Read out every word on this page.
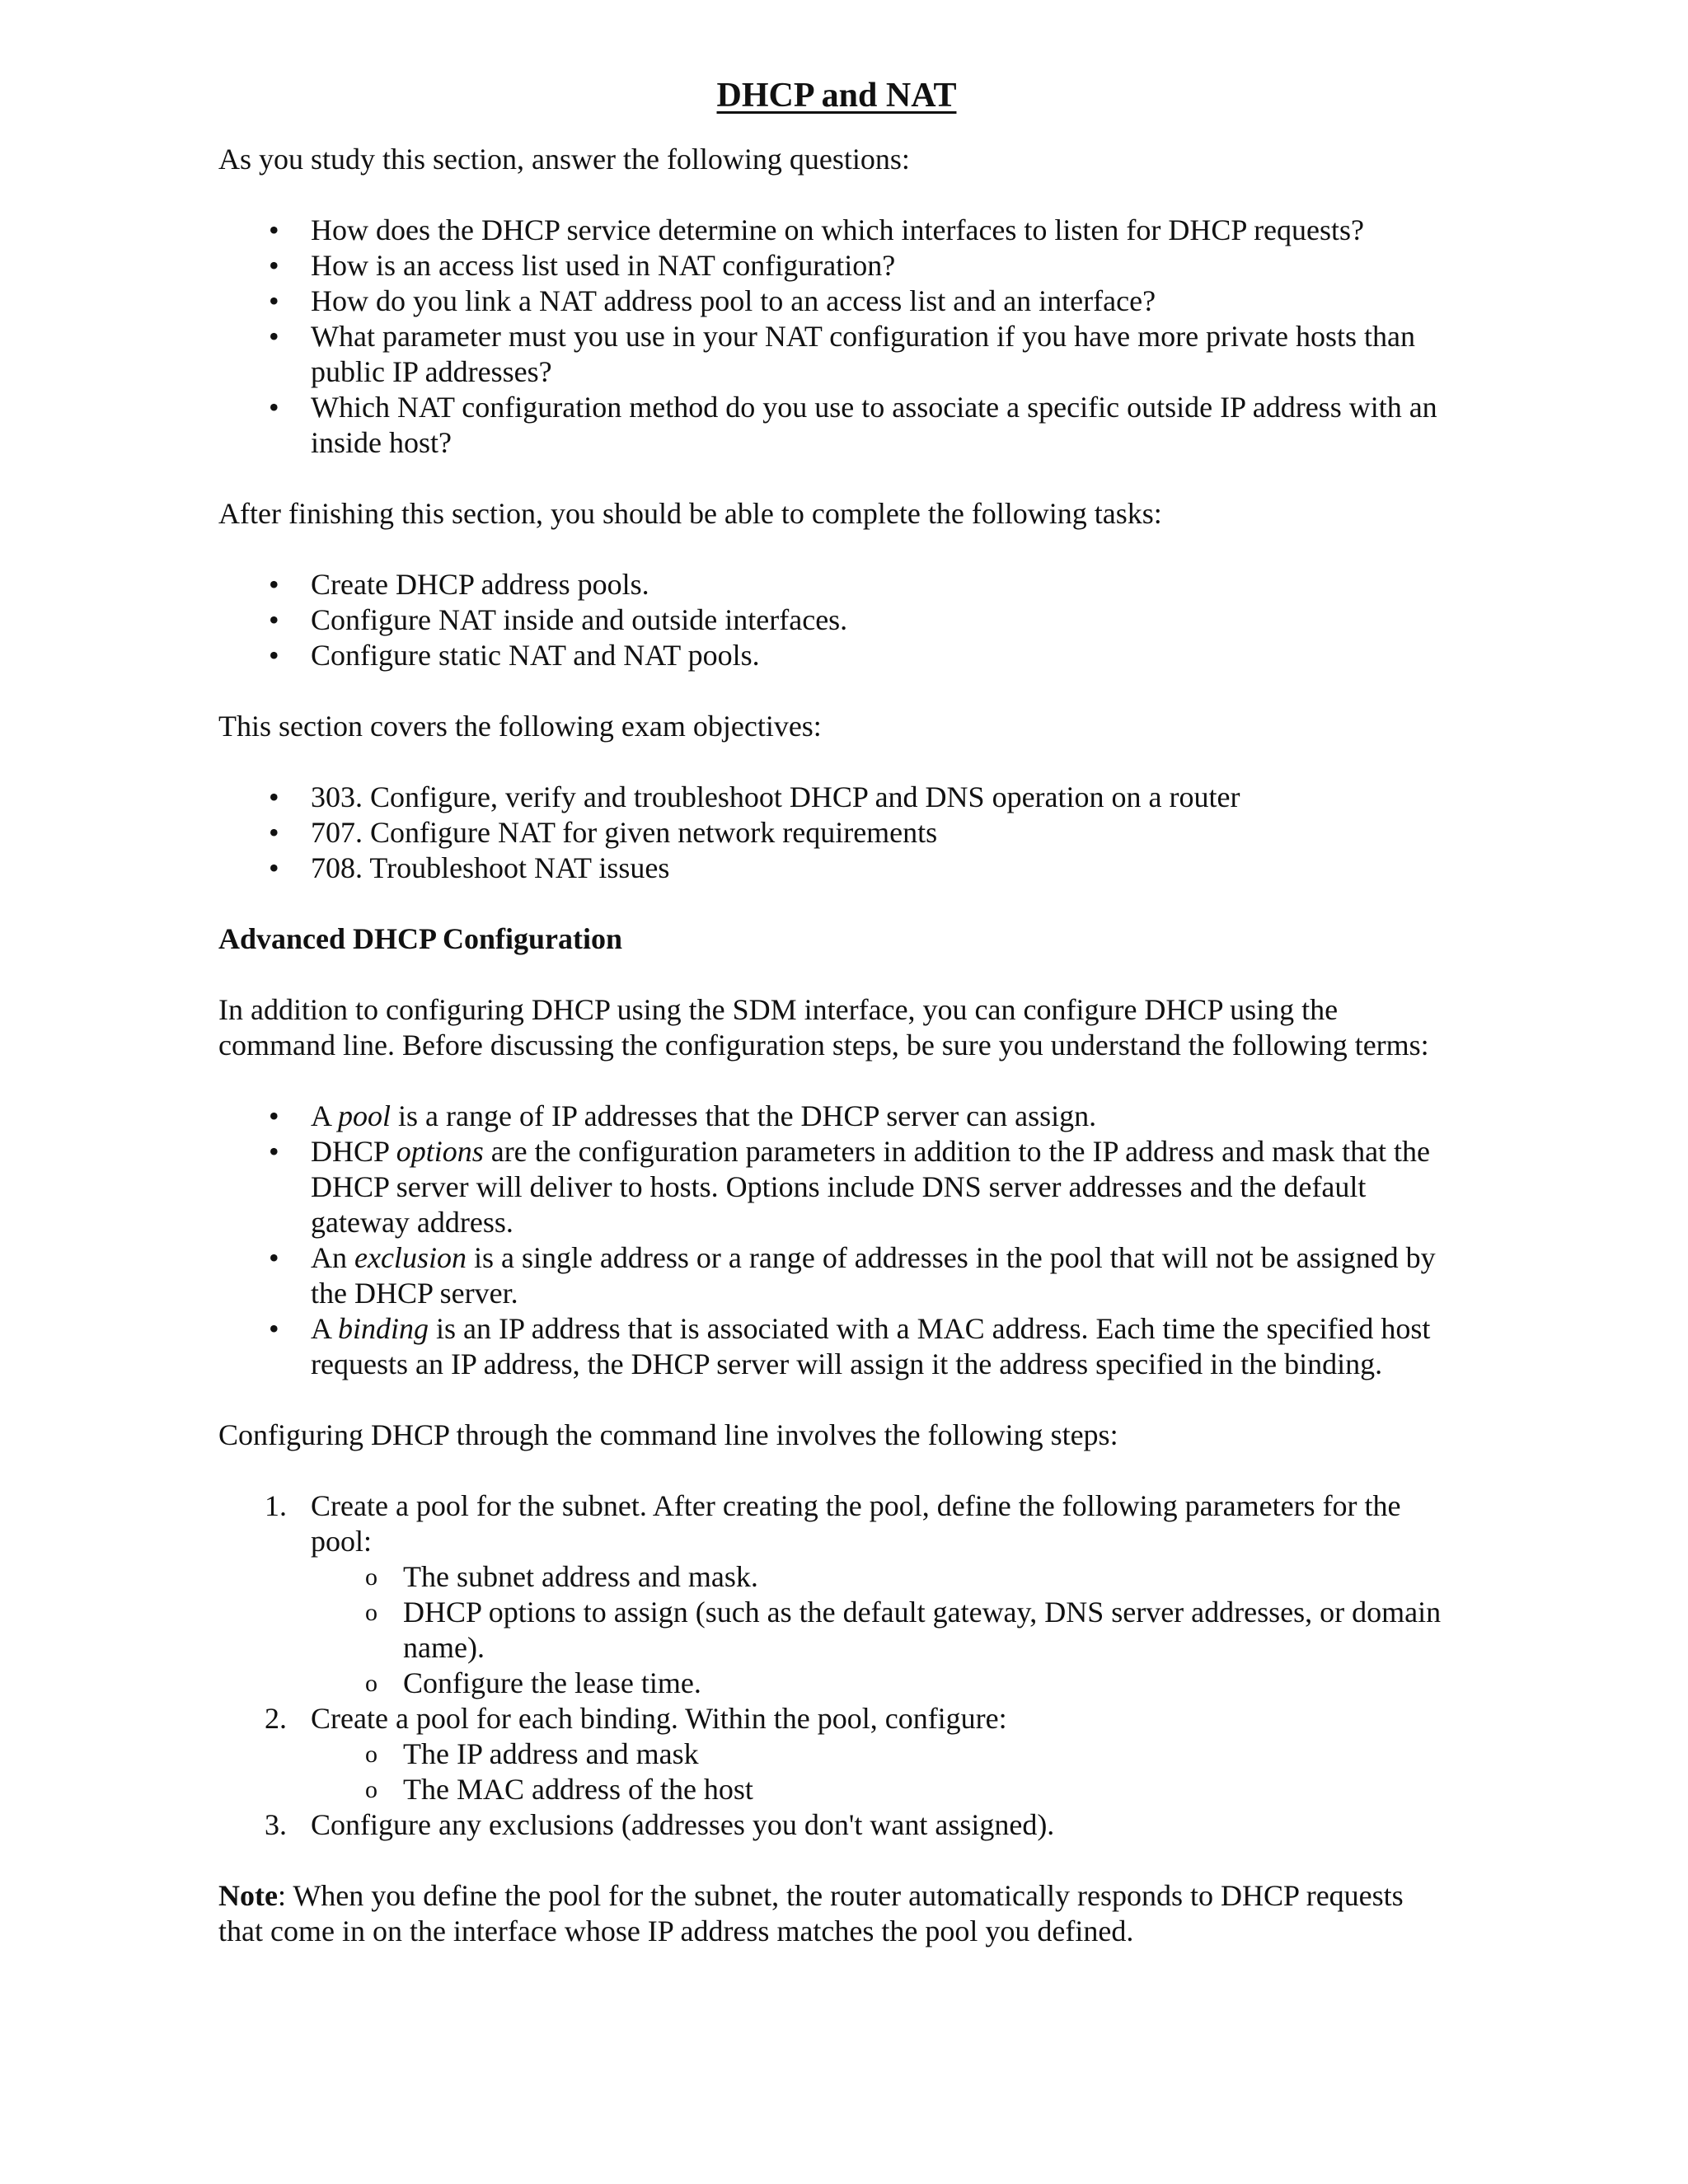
DHCP and NAT

As you study this section, answer the following questions:

• How does the DHCP service determine on which interfaces to listen for DHCP requests?
• How is an access list used in NAT configuration?
• How do you link a NAT address pool to an access list and an interface?
• What parameter must you use in your NAT configuration if you have more private hosts than public IP addresses?
• Which NAT configuration method do you use to associate a specific outside IP address with an inside host?

After finishing this section, you should be able to complete the following tasks:

• Create DHCP address pools.
• Configure NAT inside and outside interfaces.
• Configure static NAT and NAT pools.

This section covers the following exam objectives:

• 303. Configure, verify and troubleshoot DHCP and DNS operation on a router
• 707. Configure NAT for given network requirements
• 708. Troubleshoot NAT issues

Advanced DHCP Configuration

In addition to configuring DHCP using the SDM interface, you can configure DHCP using the command line. Before discussing the configuration steps, be sure you understand the following terms:

• A pool is a range of IP addresses that the DHCP server can assign.
• DHCP options are the configuration parameters in addition to the IP address and mask that the DHCP server will deliver to hosts. Options include DNS server addresses and the default gateway address.
• An exclusion is a single address or a range of addresses in the pool that will not be assigned by the DHCP server.
• A binding is an IP address that is associated with a MAC address. Each time the specified host requests an IP address, the DHCP server will assign it the address specified in the binding.

Configuring DHCP through the command line involves the following steps:

1. Create a pool for the subnet. After creating the pool, define the following parameters for the pool:
o The subnet address and mask.
o DHCP options to assign (such as the default gateway, DNS server addresses, or domain name).
o Configure the lease time.
2. Create a pool for each binding. Within the pool, configure:
o The IP address and mask
o The MAC address of the host
3. Configure any exclusions (addresses you don't want assigned).

Note: When you define the pool for the subnet, the router automatically responds to DHCP requests that come in on the interface whose IP address matches the pool you defined.
